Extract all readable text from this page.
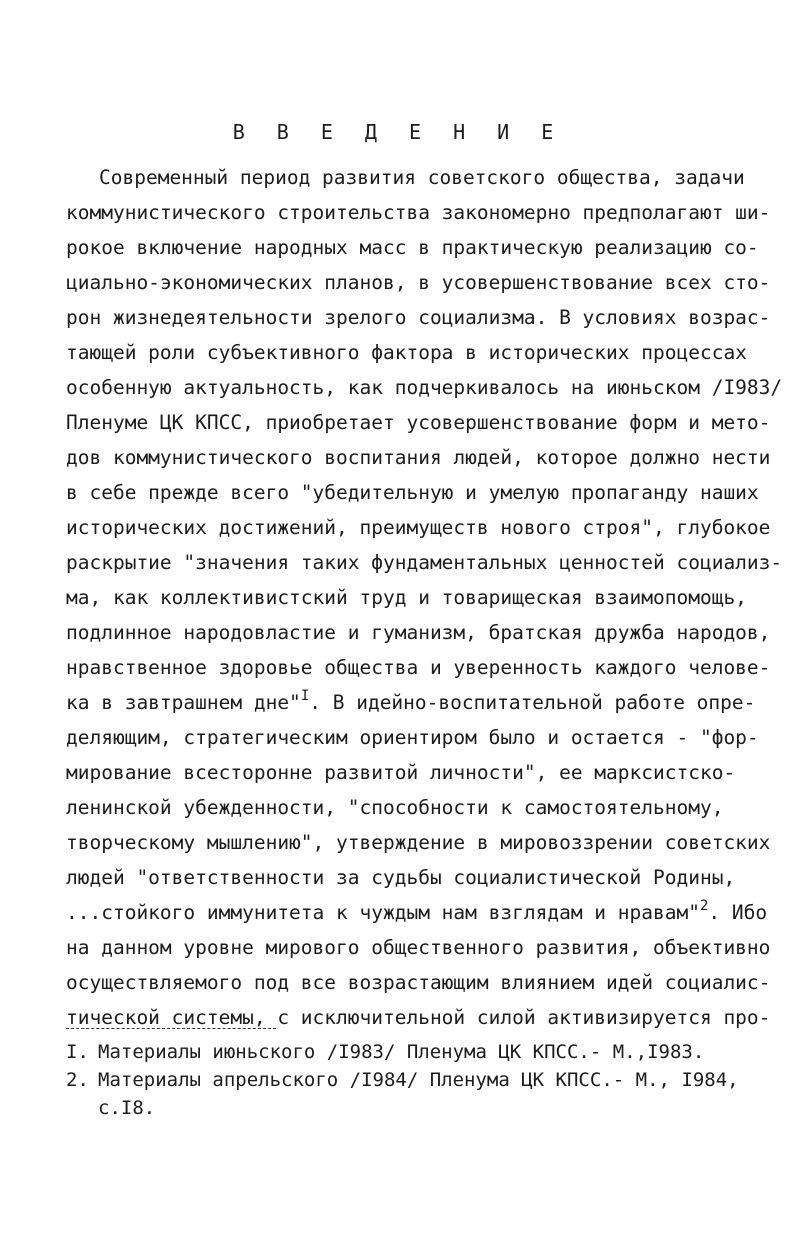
В В Е Д Е Н И Е
Современный период развития советского общества, задачи
коммунистического строительства закономерно предполагают ши-
рокое включение народных масс в практическую реализацию со-
циально-экономических планов, в усовершенствование всех сто-
рон жизнедеятельности зрелого социализма. В условиях возрас-
тающей роли субъективного фактора в исторических процессах
особенную актуальность, как подчеркивалось на июньском /I983/
Пленуме ЦК КПСС, приобретает усовершенствование форм и мето-
дов коммунистического воспитания людей, которое должно нести
в себе прежде всего "убедительную и умелую пропаганду наших
исторических достижений, преимуществ нового строя", глубокое
раскрытие "значения таких фундаментальных ценностей социализ-
ма, как коллективистский труд и товарищеская взаимопомощь,
подлинное народовластие и гуманизм, братская дружба народов,
нравственное здоровье общества и уверенность каждого челове-
ка в завтрашнем дне"$^I$. В идейно-воспитательной работе опре-
деляющим, стратегическим ориентиром было и остается - "фор-
мирование всесторонне развитой личности", ее марксистско-
ленинской убежденности, "способности к самостоятельному,
творческому мышлению", утверждение в мировоззрении советских
людей "ответственности за судьбы социалистической Родины,
...стойкого иммунитета к чуждым нам взглядам и нравам"$^2$. Ибо
на данном уровне мирового общественного развития, объективно
осуществляемого под все возрастающим влиянием идей социалис-
тической системы, с исключительной силой активизируется про-
I. Материалы июньского /I983/ Пленума ЦК КПСС.- М.,I983.
2. Материалы апрельского /I984/ Пленума ЦК КПСС.- М., I984,
с.I8.
